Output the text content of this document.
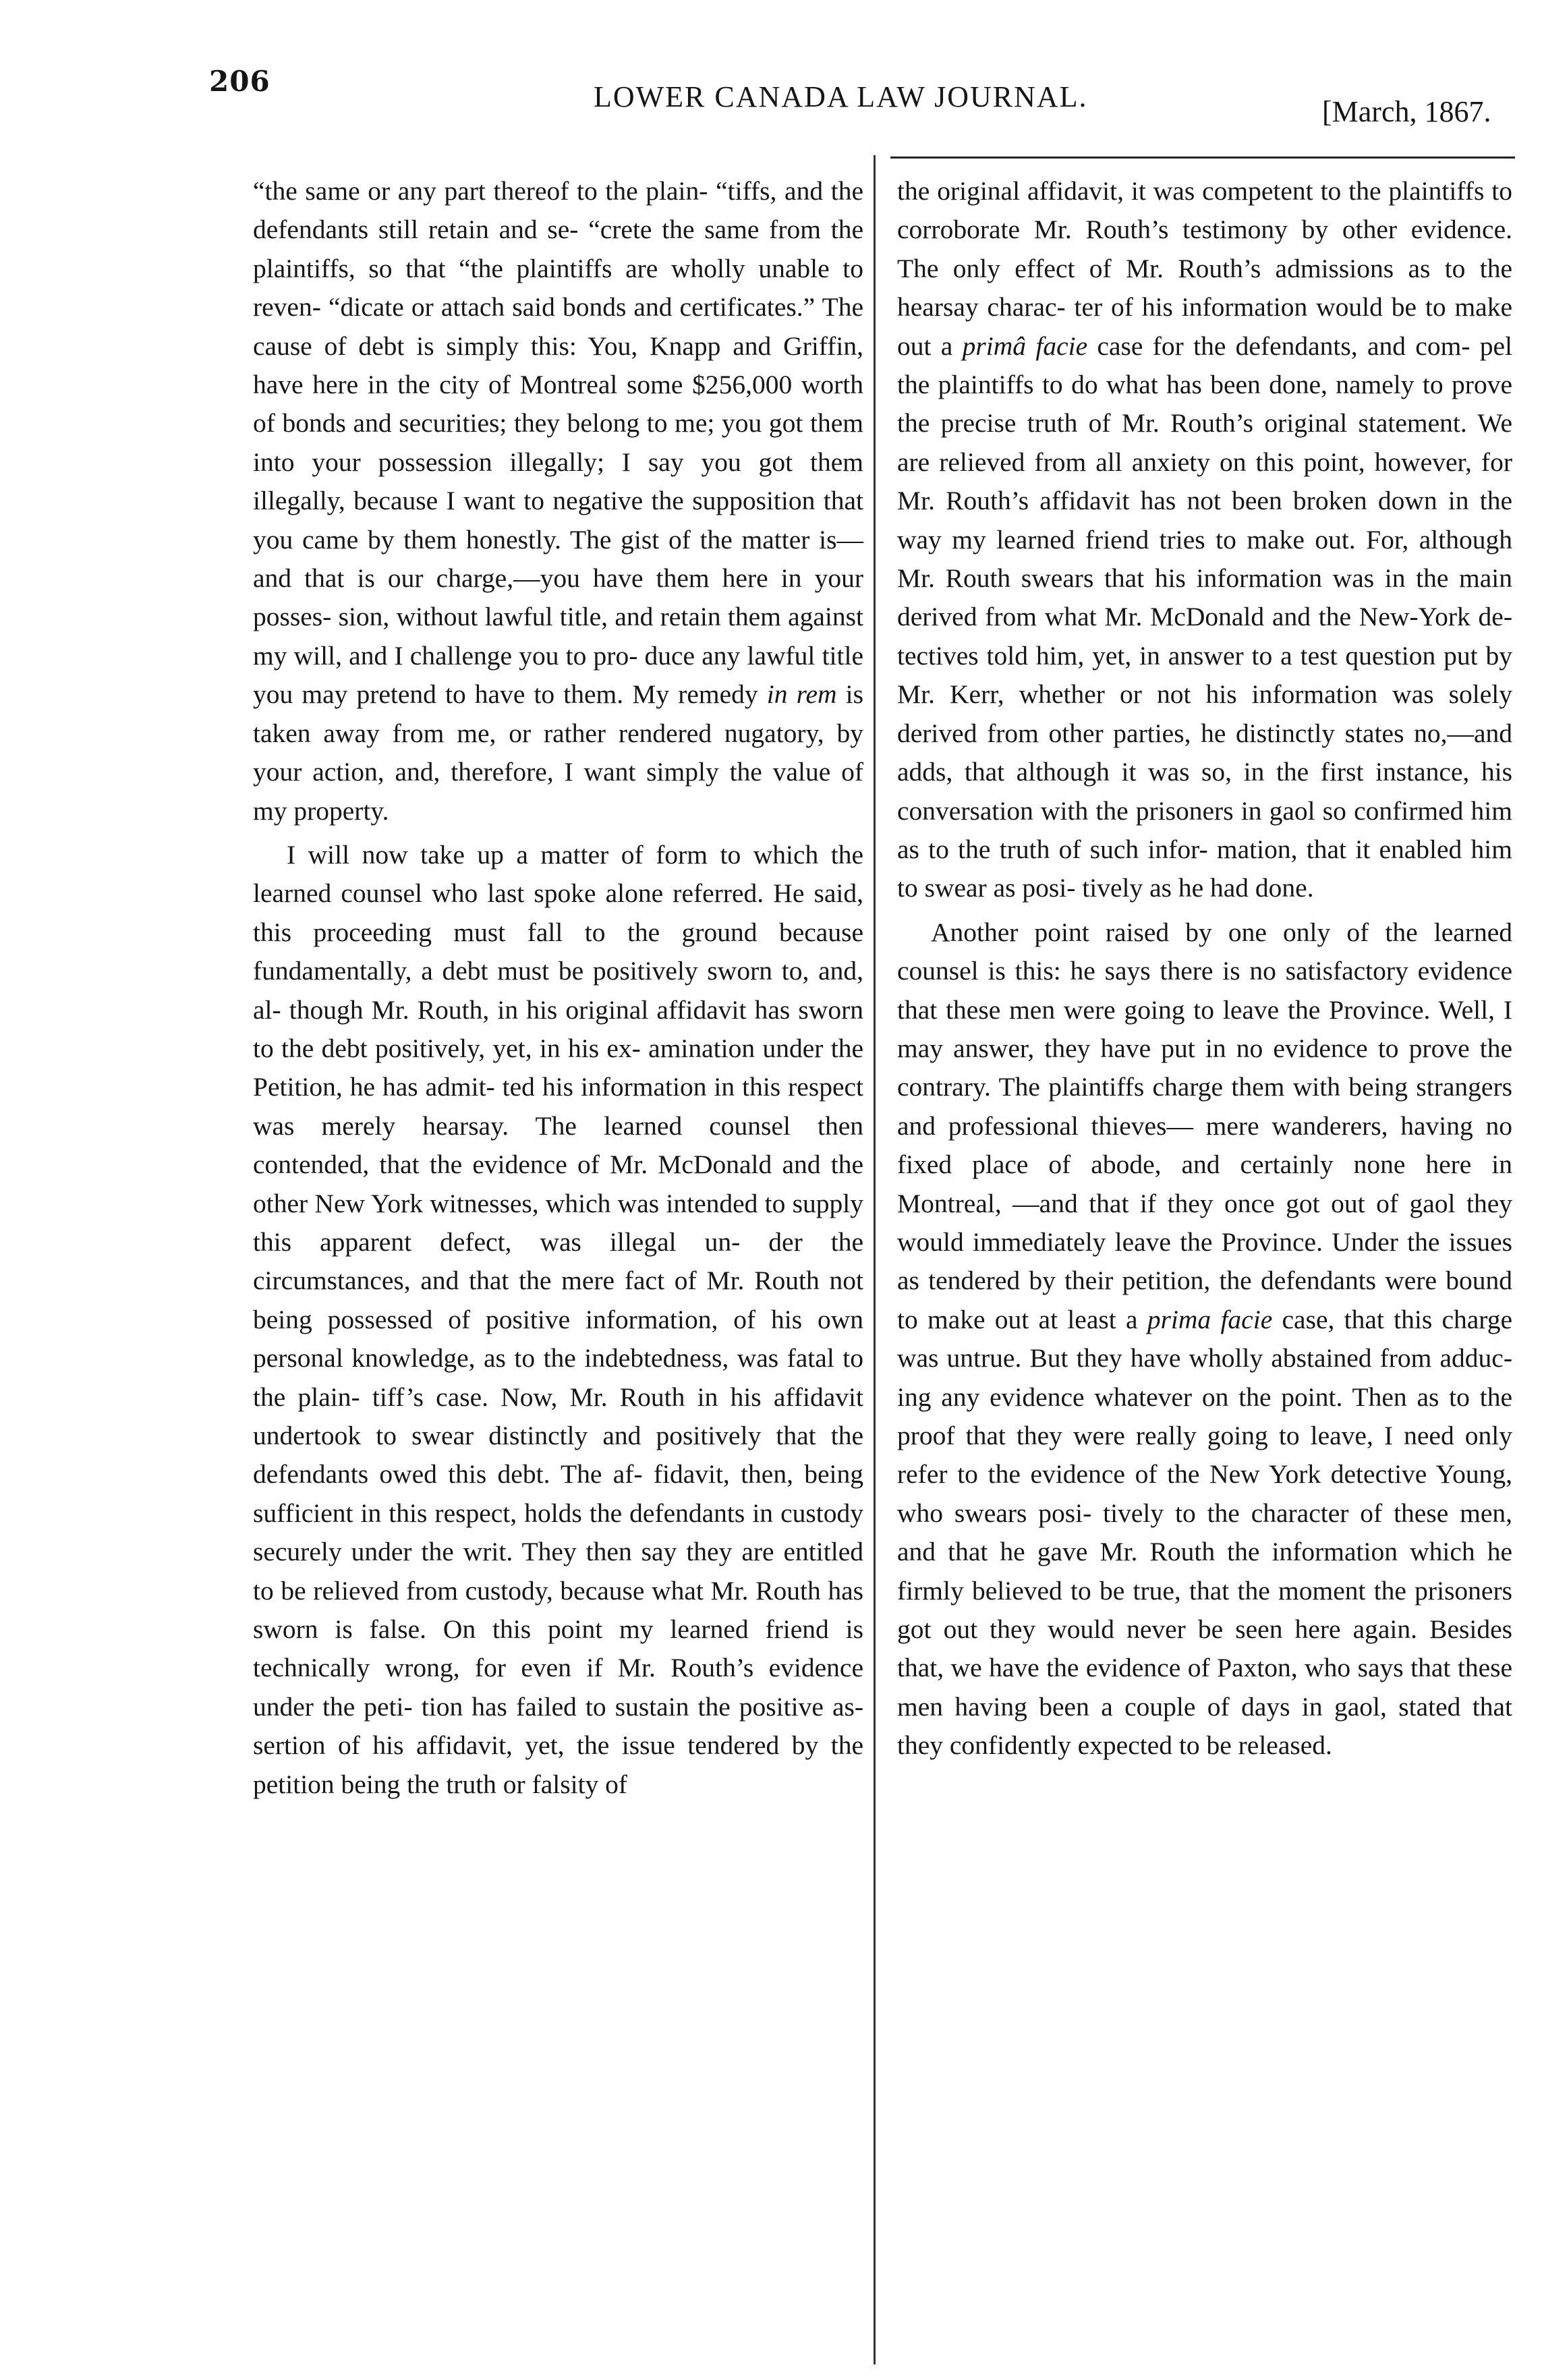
206	LOWER CANADA LAW JOURNAL.	[March, 1867.

“the same or any part thereof to the plain- “tiffs, and the defendants still retain and se- “crete the same from the plaintiffs, so that “the plaintiffs are wholly unable to reven- “dicate or attach said bonds and certificates.” The cause of debt is simply this: You, Knapp and Griffin, have here in the city of Montreal some $256,000 worth of bonds and securities; they belong to me; you got them into your possession illegally; I say you got them illegally, because I want to negative the supposition that you came by them honestly. The gist of the matter is—and that is our charge,—you have them here in your posses- sion, without lawful title, and retain them against my will, and I challenge you to pro- duce any lawful title you may pretend to have to them. My remedy in rem is taken away from me, or rather rendered nugatory, by your action, and, therefore, I want simply the value of my property.

I will now take up a matter of form to which the learned counsel who last spoke alone referred. He said, this proceeding must fall to the ground because fundamentally, a debt must be positively sworn to, and, al- though Mr. Routh, in his original affidavit has sworn to the debt positively, yet, in his ex- amination under the Petition, he has admit- ted his information in this respect was merely hearsay. The learned counsel then contended, that the evidence of Mr. McDonald and the other New York witnesses, which was intended to supply this apparent defect, was illegal un- der the circumstances, and that the mere fact of Mr. Routh not being possessed of positive information, of his own personal knowledge, as to the indebtedness, was fatal to the plain- tiff’s case. Now, Mr. Routh in his affidavit undertook to swear distinctly and positively that the defendants owed this debt. The af- fidavit, then, being sufficient in this respect, holds the defendants in custody securely under the writ. They then say they are entitled to be relieved from custody, because what Mr. Routh has sworn is false. On this point my learned friend is technically wrong, for even if Mr. Routh’s evidence under the peti- tion has failed to sustain the positive as- sertion of his affidavit, yet, the issue tendered by the petition being the truth or falsity of

the original affidavit, it was competent to the plaintiffs to corroborate Mr. Routh’s testimony by other evidence. The only effect of Mr. Routh’s admissions as to the hearsay charac- ter of his information would be to make out a primâ facie case for the defendants, and com- pel the plaintiffs to do what has been done, namely to prove the precise truth of Mr. Routh’s original statement. We are relieved from all anxiety on this point, however, for Mr. Routh’s affidavit has not been broken down in the way my learned friend tries to make out. For, although Mr. Routh swears that his information was in the main derived from what Mr. McDonald and the New-York de- tectives told him, yet, in answer to a test question put by Mr. Kerr, whether or not his information was solely derived from other parties, he distinctly states no,—and adds, that although it was so, in the first instance, his conversation with the prisoners in gaol so confirmed him as to the truth of such infor- mation, that it enabled him to swear as posi- tively as he had done.

Another point raised by one only of the learned counsel is this: he says there is no satisfactory evidence that these men were going to leave the Province. Well, I may answer, they have put in no evidence to prove the contrary. The plaintiffs charge them with being strangers and professional thieves— mere wanderers, having no fixed place of abode, and certainly none here in Montreal, —and that if they once got out of gaol they would immediately leave the Province. Under the issues as tendered by their petition, the defendants were bound to make out at least a prima facie case, that this charge was untrue. But they have wholly abstained from adduc- ing any evidence whatever on the point. Then as to the proof that they were really going to leave, I need only refer to the evidence of the New York detective Young, who swears posi- tively to the character of these men, and that he gave Mr. Routh the information which he firmly believed to be true, that the moment the prisoners got out they would never be seen here again. Besides that, we have the evidence of Paxton, who says that these men having been a couple of days in gaol, stated that they confidently expected to be released.
